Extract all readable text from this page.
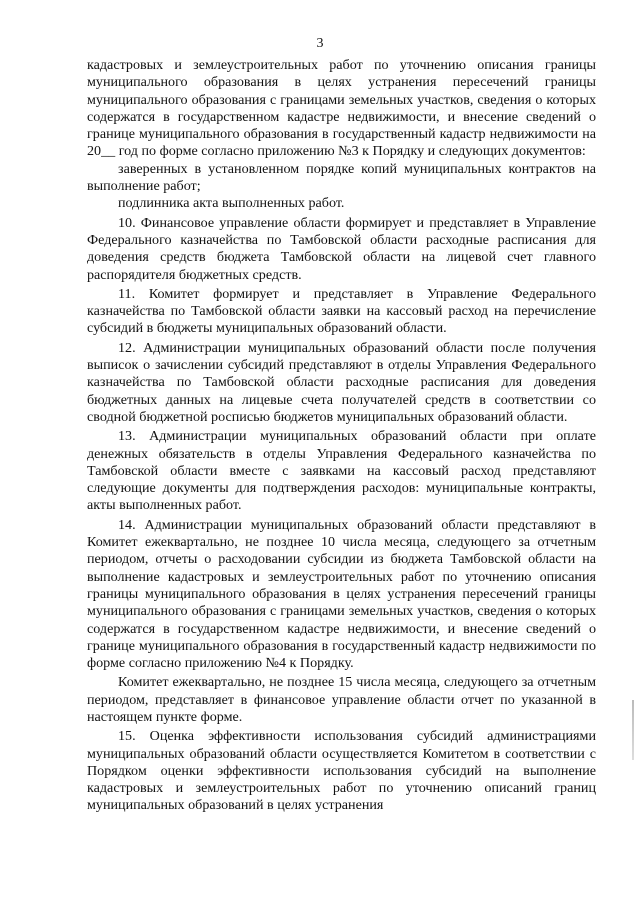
3

кадастровых и землеустроительных работ по уточнению описания границы муниципального образования в целях устранения пересечений границы муниципального образования с границами земельных участков, сведения о которых содержатся в государственном кадастре недвижимости, и внесение сведений о границе муниципального образования в государственный кадастр недвижимости на 20__ год по форме согласно приложению №3 к Порядку и следующих документов:

заверенных в установленном порядке копий муниципальных контрактов на выполнение работ;

подлинника акта выполненных работ.

10. Финансовое управление области формирует и представляет в Управление Федерального казначейства по Тамбовской области расходные расписания для доведения средств бюджета Тамбовской области на лицевой счет главного распорядителя бюджетных средств.

11. Комитет формирует и представляет в Управление Федерального казначейства по Тамбовской области заявки на кассовый расход на перечисление субсидий в бюджеты муниципальных образований области.

12. Администрации муниципальных образований области после получения выписок о зачислении субсидий представляют в отделы Управления Федерального казначейства по Тамбовской области расходные расписания для доведения бюджетных данных на лицевые счета получателей средств в соответствии со сводной бюджетной росписью бюджетов муниципальных образований области.

13. Администрации муниципальных образований области при оплате денежных обязательств в отделы Управления Федерального казначейства по Тамбовской области вместе с заявками на кассовый расход представляют следующие документы для подтверждения расходов: муниципальные контракты, акты выполненных работ.

14. Администрации муниципальных образований области представляют в Комитет ежеквартально, не позднее 10 числа месяца, следующего за отчетным периодом, отчеты о расходовании субсидии из бюджета Тамбовской области на выполнение кадастровых и землеустроительных работ по уточнению описания границы муниципального образования в целях устранения пересечений границы муниципального образования с границами земельных участков, сведения о которых содержатся в государственном кадастре недвижимости, и внесение сведений о границе муниципального образования в государственный кадастр недвижимости по форме согласно приложению №4 к Порядку.

Комитет ежеквартально, не позднее 15 числа месяца, следующего за отчетным периодом, представляет в финансовое управление области отчет по указанной в настоящем пункте форме.

15. Оценка эффективности использования субсидий администрациями муниципальных образований области осуществляется Комитетом в соответствии с Порядком оценки эффективности использования субсидий на выполнение кадастровых и землеустроительных работ по уточнению описаний границ муниципальных образований в целях устранения
